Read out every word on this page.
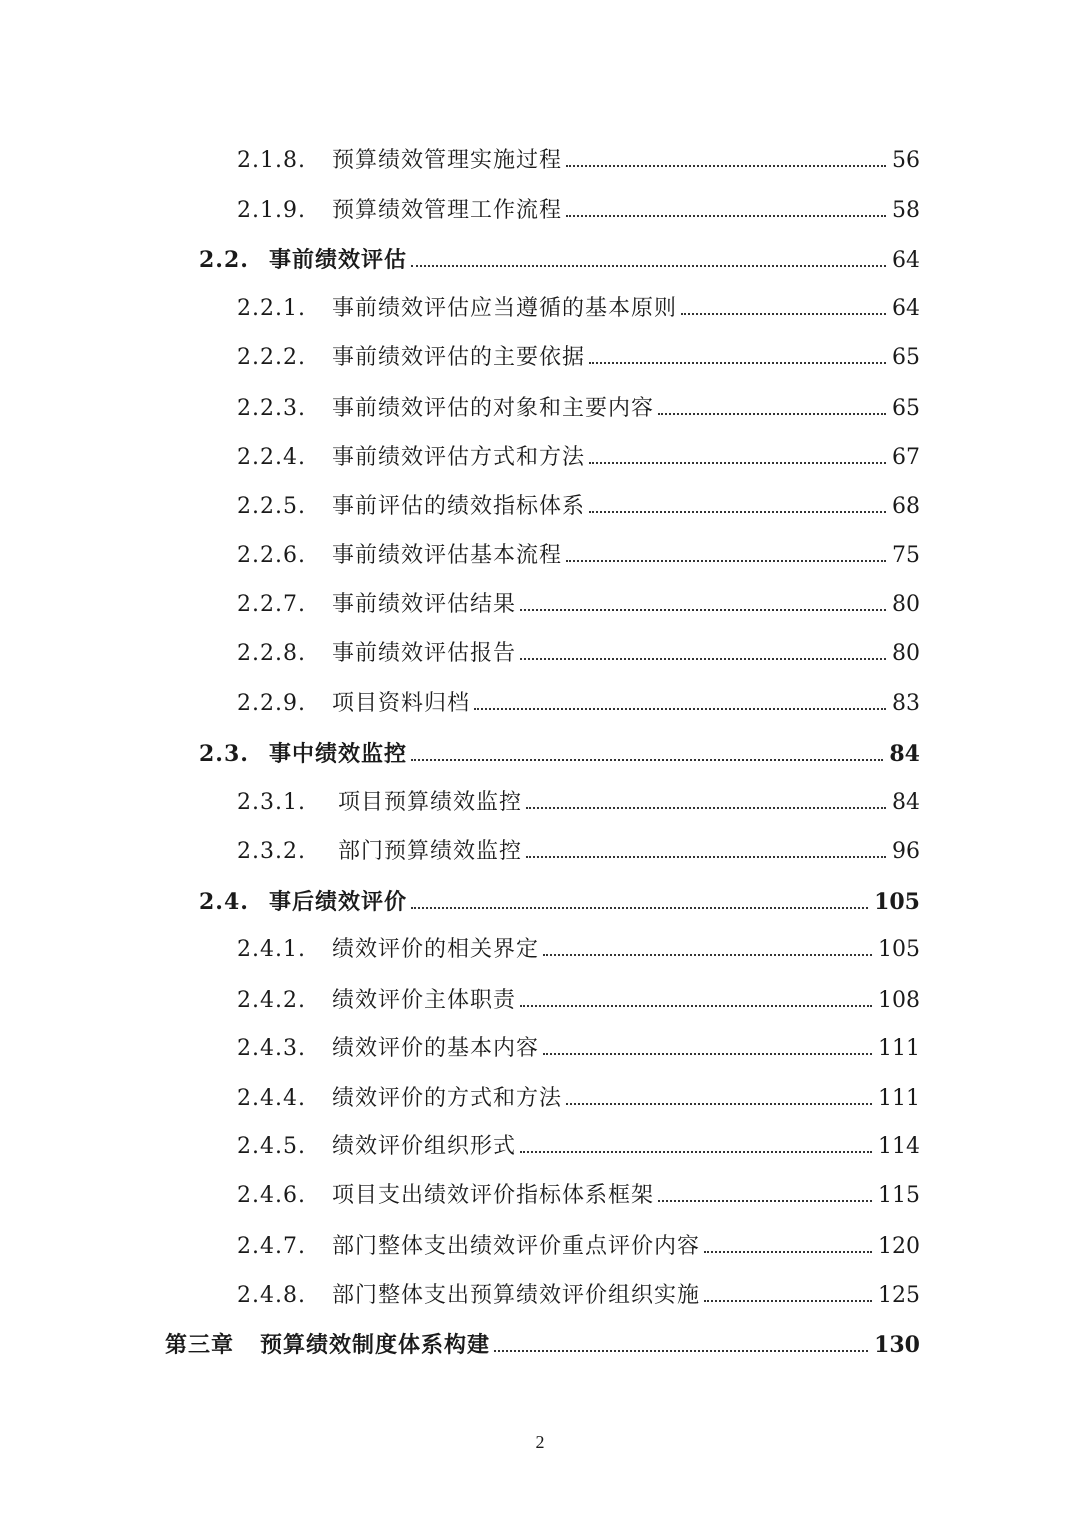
2.1.8.	预算绩效管理实施过程	56
2.1.9.	预算绩效管理工作流程	58
2.2. 事前绩效评估	64
2.2.1.	事前绩效评估应当遵循的基本原则	64
2.2.2.	事前绩效评估的主要依据	65
2.2.3.	事前绩效评估的对象和主要内容	65
2.2.4.	事前绩效评估方式和方法	67
2.2.5.	事前评估的绩效指标体系	68
2.2.6.	事前绩效评估基本流程	75
2.2.7.	事前绩效评估结果	80
2.2.8.	事前绩效评估报告	80
2.2.9.	项目资料归档	83
2.3. 事中绩效监控	84
2.3.1.	项目预算绩效监控	84
2.3.2.	部门预算绩效监控	96
2.4. 事后绩效评价	105
2.4.1.	绩效评价的相关界定	105
2.4.2.	绩效评价主体职责	108
2.4.3.	绩效评价的基本内容	111
2.4.4.	绩效评价的方式和方法	111
2.4.5.	绩效评价组织形式	114
2.4.6.	项目支出绩效评价指标体系框架	115
2.4.7.	部门整体支出绩效评价重点评价内容	120
2.4.8.	部门整体支出预算绩效评价组织实施	125
第三章	预算绩效制度体系构建	130
2
